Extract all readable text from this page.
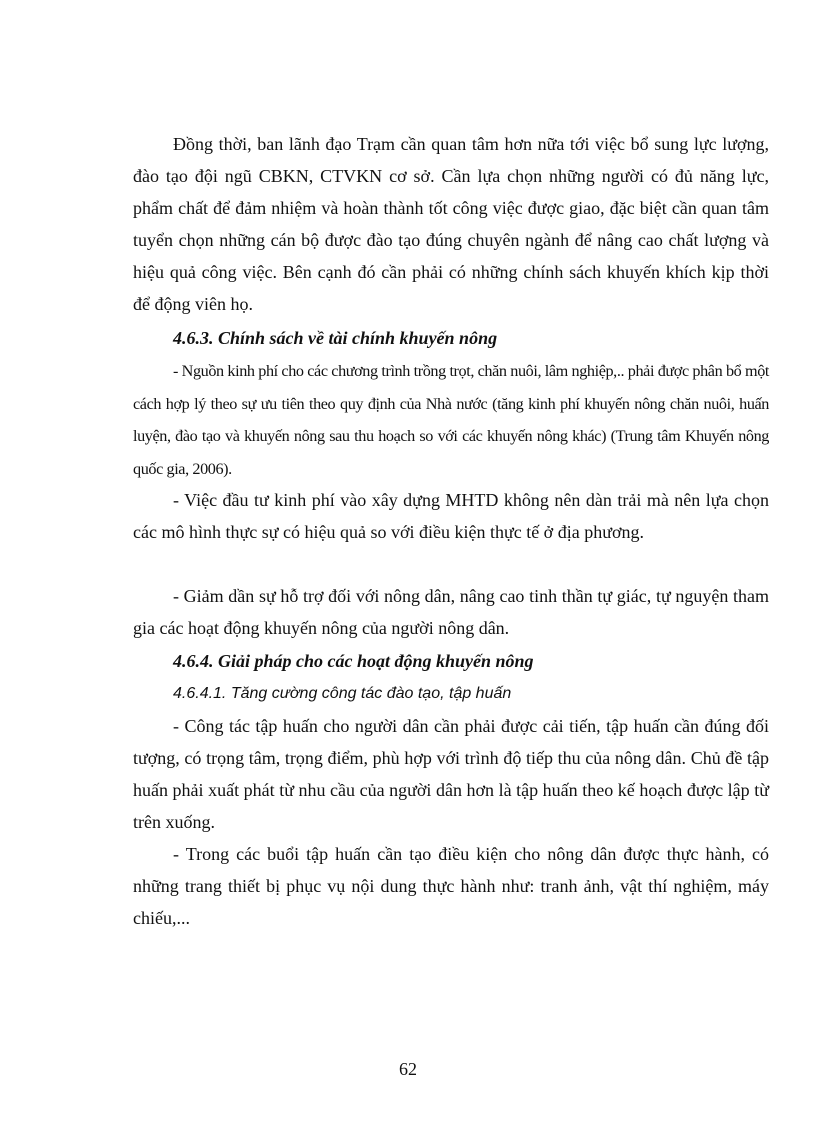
Đồng thời, ban lãnh đạo Trạm cần quan tâm hơn nữa tới việc bổ sung lực lượng, đào tạo đội ngũ CBKN, CTVKN cơ sở. Cần lựa chọn những người có đủ năng lực, phẩm chất để đảm nhiệm và hoàn thành tốt công việc được giao, đặc biệt cần quan tâm tuyển chọn những cán bộ được đào tạo đúng chuyên ngành để nâng cao chất lượng và hiệu quả công việc. Bên cạnh đó cần phải có những chính sách khuyến khích kịp thời để động viên họ.

4.6.3. Chính sách về tài chính khuyến nông

- Nguồn kinh phí cho các chương trình trồng trọt, chăn nuôi, lâm nghiệp,.. phải được phân bổ một cách hợp lý theo sự ưu tiên theo quy định của Nhà nước (tăng kinh phí khuyến nông chăn nuôi, huấn luyện, đào tạo và khuyến nông sau thu hoạch so với các khuyến nông khác) (Trung tâm Khuyến nông quốc gia, 2006).

- Việc đầu tư kinh phí vào xây dựng MHTD không nên dàn trải mà nên lựa chọn các mô hình thực sự có hiệu quả so với điều kiện thực tế ở địa phương.

- Giảm dần sự hỗ trợ đối với nông dân, nâng cao tinh thần tự giác, tự nguyện tham gia các hoạt động khuyến nông của người nông dân.

4.6.4. Giải pháp cho các hoạt động khuyến nông

4.6.4.1. Tăng cường công tác đào tạo, tập huấn

- Công tác tập huấn cho người dân cần phải được cải tiến, tập huấn cần đúng đối tượng, có trọng tâm, trọng điểm, phù hợp với trình độ tiếp thu của nông dân. Chủ đề tập huấn phải xuất phát từ nhu cầu của người dân hơn là tập huấn theo kế hoạch được lập từ trên xuống.

- Trong các buổi tập huấn cần tạo điều kiện cho nông dân được thực hành, có những trang thiết bị phục vụ nội dung thực hành như: tranh ảnh, vật thí nghiệm, máy chiếu,...

62
